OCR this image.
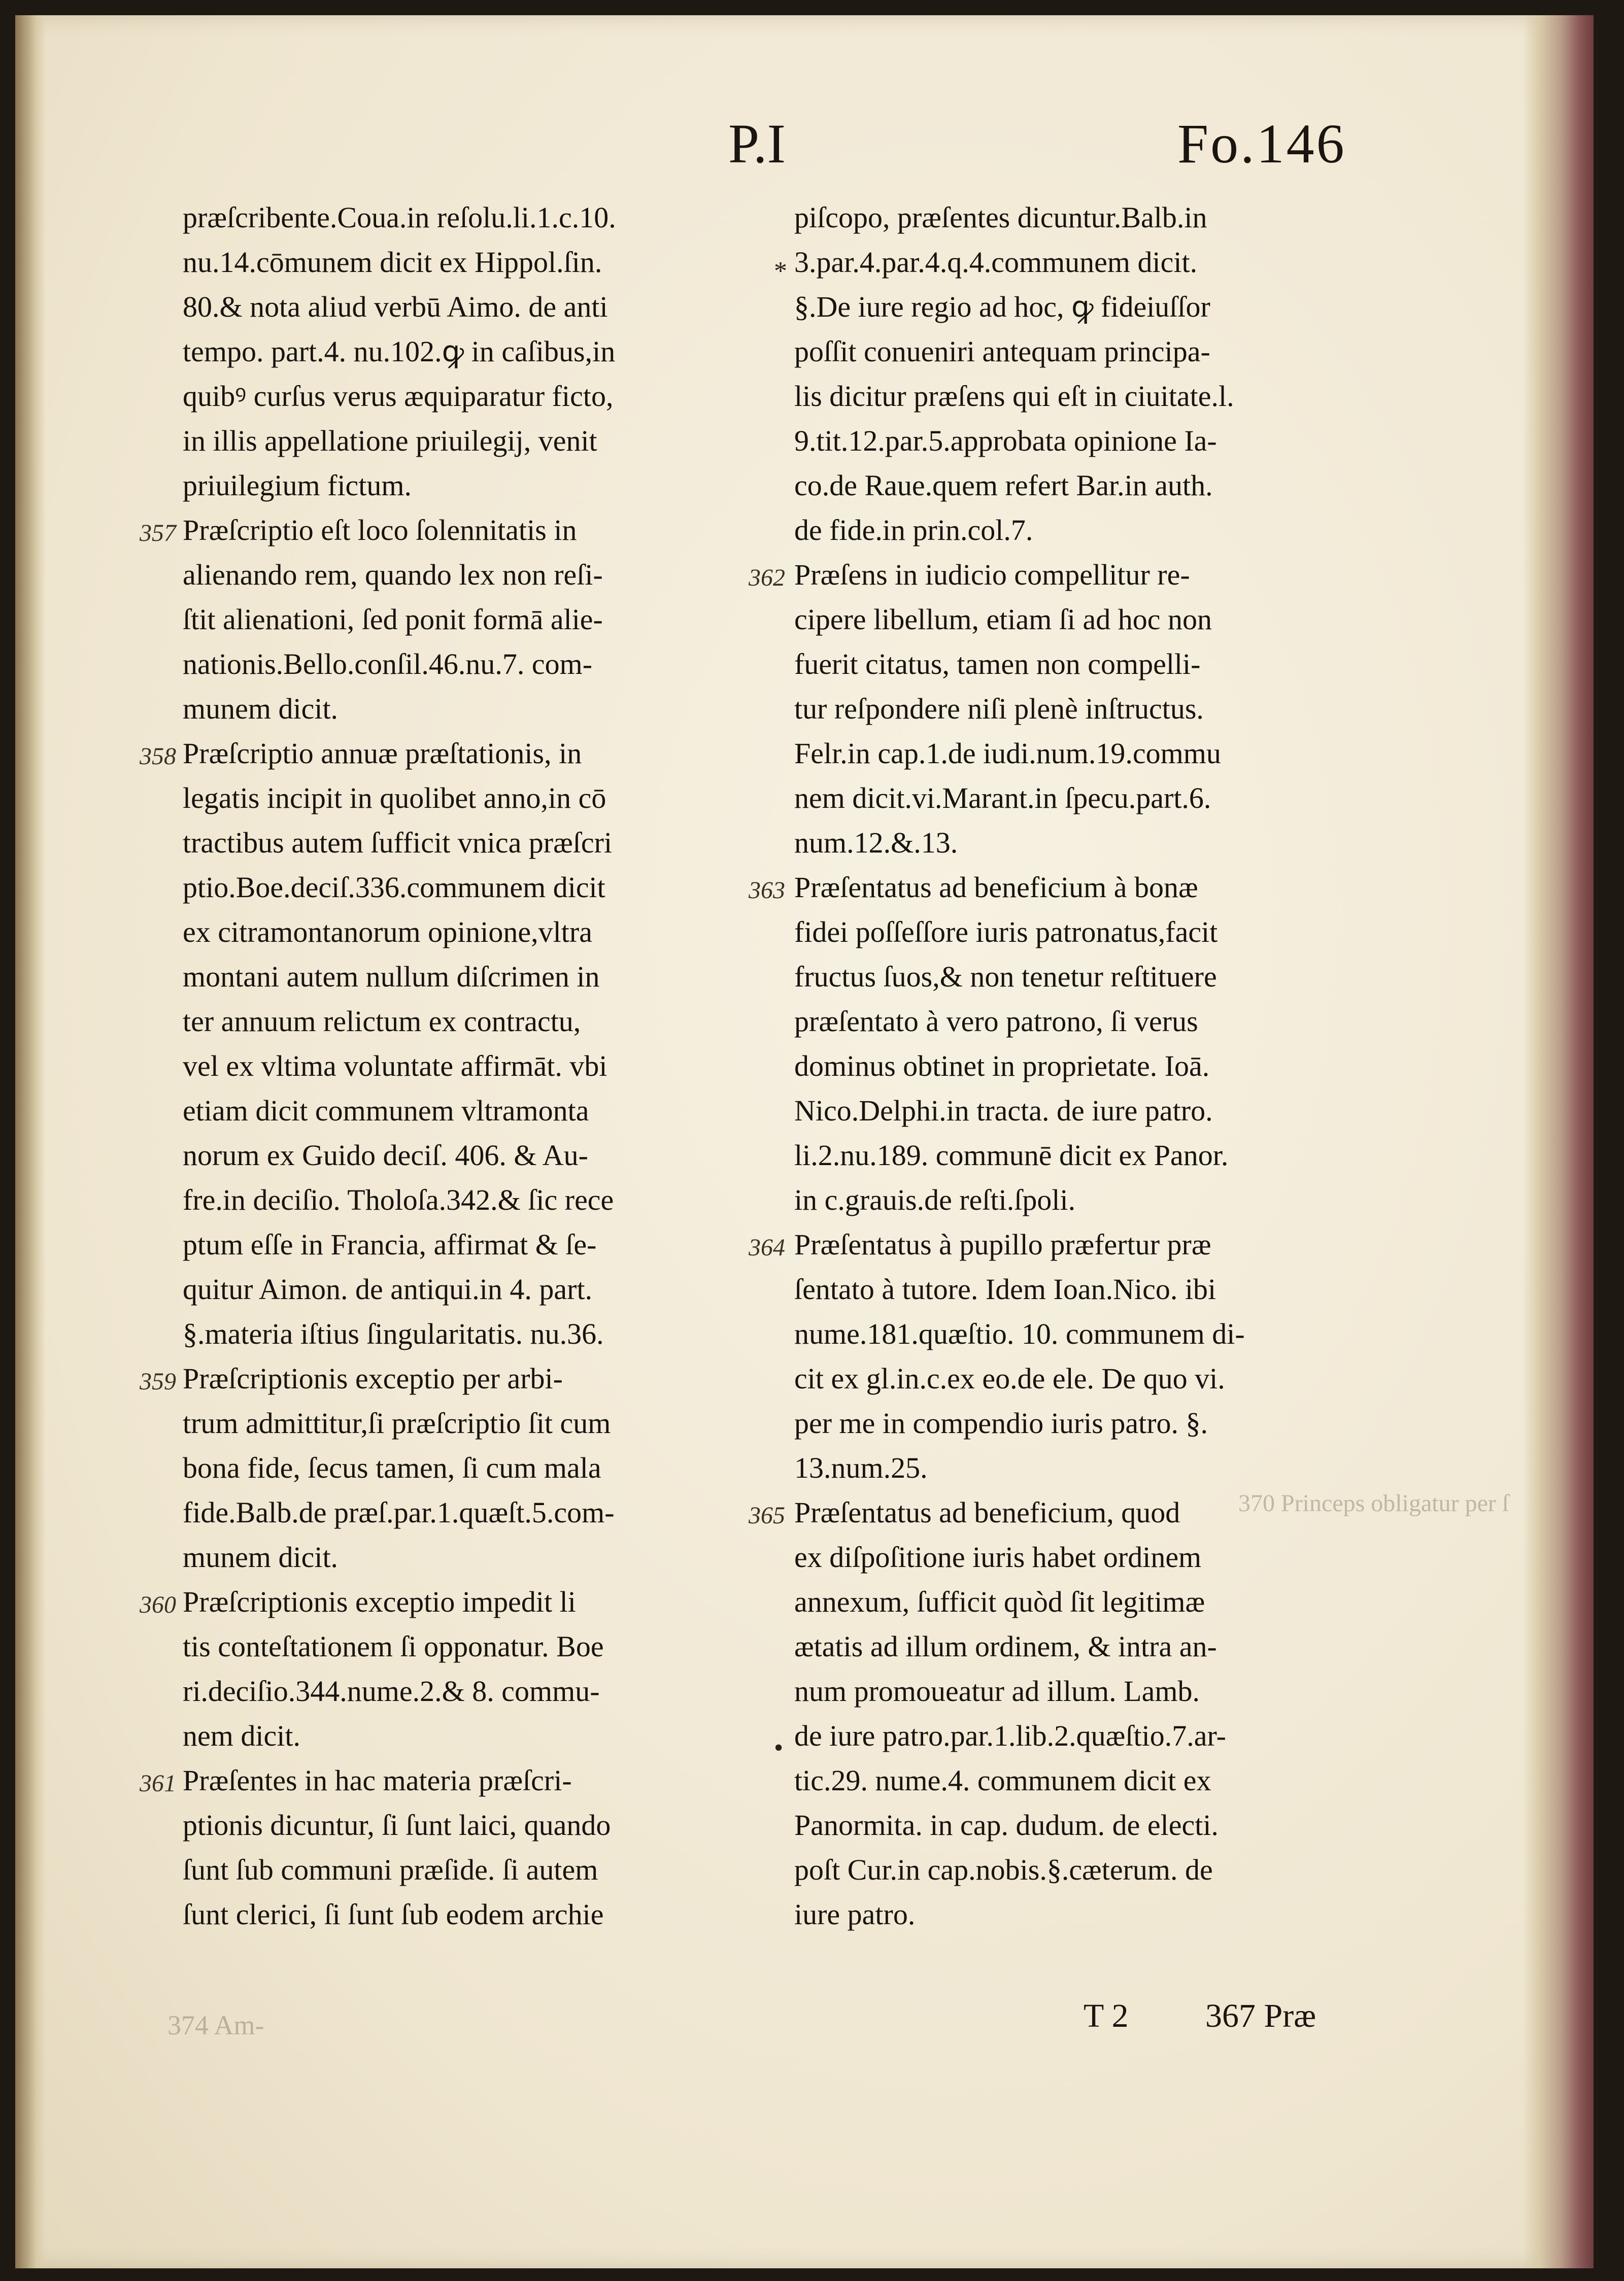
P.I	Fo.146
374 Am-
370 Princeps obligatur per ſ
præſcribente.Coua.in reſolu.li.1.c.10.
nu.14.cōmunem dicit ex Hippol.ſin.
80.& nota aliud verbū Aimo. de anti
tempo. part.4. nu.102.ꝙ in caſibus,in
quibꝰ curſus verus æquiparatur ficto,
in illis appellatione priuilegij, venit
priuilegium fictum.
357 Præſcriptio eſt loco ſolennitatis in
alienando rem, quando lex non reſi-
ſtit alienationi, ſed ponit formā alie-
nationis.Bello.conſil.46.nu.7. com-
munem dicit.
358 Præſcriptio annuæ præſtationis, in
legatis incipit in quolibet anno,in cō
tractibus autem ſufficit vnica præſcri
ptio.Boe.deciſ.336.communem dicit
ex citramontanorum opinione,vltra
montani autem nullum diſcrimen in
ter annuum relictum ex contractu,
vel ex vltima voluntate affirmāt. vbi
etiam dicit communem vltramonta
norum ex Guido deciſ. 406. & Au-
fre.in deciſio. Tholoſa.342.& ſic rece
ptum eſſe in Francia, affirmat & ſe-
quitur Aimon. de antiqui.in 4. part.
§.materia iſtius ſingularitatis. nu.36.
359 Præſcriptionis exceptio per arbi-
trum admittitur,ſi præſcriptio ſit cum
bona fide, ſecus tamen, ſi cum mala
fide.Balb.de præſ.par.1.quæſt.5.com-
munem dicit.
360 Præſcriptionis exceptio impedit li
tis conteſtationem ſi opponatur. Boe
ri.deciſio.344.nume.2.& 8. commu-
nem dicit.
361 Præſentes in hac materia præſcri-
ptionis dicuntur, ſi ſunt laici, quando
ſunt ſub communi præſide. ſi autem
ſunt clerici, ſi ſunt ſub eodem archie
piſcopo, præſentes dicuntur.Balb.in
3.par.4.par.4.q.4.communem dicit.
§.De iure regio ad hoc, ꝙ fideiuſſor
poſſit conueniri antequam principa-
lis dicitur præſens qui eſt in ciuitate.l.
9.tit.12.par.5.approbata opinione Ia-
co.de Raue.quem refert Bar.in auth.
de fide.in prin.col.7.
362 Præſens in iudicio compellitur re-
cipere libellum, etiam ſi ad hoc non
fuerit citatus, tamen non compelli-
tur reſpondere niſi plenè inſtructus.
Felr.in cap.1.de iudi.num.19.commu
nem dicit.vi.Marant.in ſpecu.part.6.
num.12.&.13.
363 Præſentatus ad beneficium à bonæ
fidei poſſeſſore iuris patronatus,facit
fructus ſuos,& non tenetur reſtituere
præſentato à vero patrono, ſi verus
dominus obtinet in proprietate. Ioā.
Nico.Delphi.in tracta. de iure patro.
li.2.nu.189. communē dicit ex Panor.
in c.grauis.de reſti.ſpoli.
364 Præſentatus à pupillo præfertur præ
ſentato à tutore. Idem Ioan.Nico. ibi
nume.181.quæſtio. 10. communem di-
cit ex gl.in.c.ex eo.de ele. De quo vi.
per me in compendio iuris patro. §.
13.num.25.
365 Præſentatus ad beneficium, quod
ex diſpoſitione iuris habet ordinem
annexum, ſufficit quòd ſit legitimæ
ætatis ad illum ordinem, & intra an-
num promoueatur ad illum. Lamb.
de iure patro.par.1.lib.2.quæſtio.7.ar-
tic.29. nume.4. communem dicit ex
Panormita. in cap. dudum. de electi.
poſt Cur.in cap.nobis.§.cæterum. de
iure patro.
*
•
T 2 367 Præ
